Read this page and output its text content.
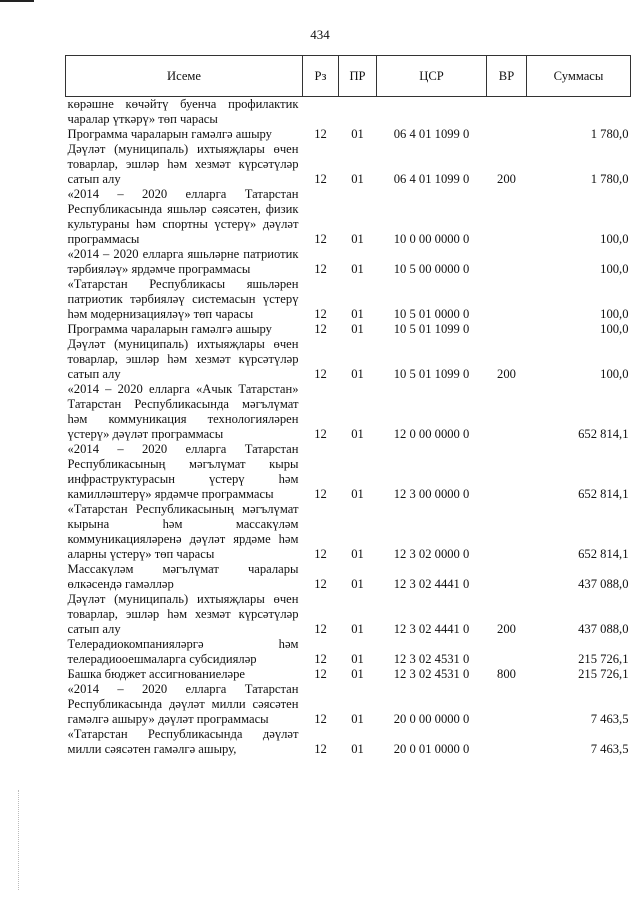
434
Исеме	Рз	ПР	ЦСР	ВР	Суммасы
көрәшне көчәйтү буенча профилактик чаралар үткәрү» төп чарасы					
Программа чараларын гамәлгә ашыру	12	01	06 4 01 1099 0		1 780,0
Дәүләт (муниципаль) ихтыяҗлары өчен товарлар, эшләр һәм хезмәт күрсәтүләр сатып алу	12	01	06 4 01 1099 0	200	1 780,0
«2014 – 2020 елларга Татарстан Республикасында яшьләр сәясәтен, физик культураны һәм спортны үстерү» дәүләт программасы	12	01	10 0 00 0000 0		100,0
«2014 – 2020 елларга яшьләрне патриотик тәрбияләү» ярдәмче программасы	12	01	10 5 00 0000 0		100,0
«Татарстан Республикасы яшьләрен патриотик тәрбияләү системасын үстерү һәм модернизацияләү» төп чарасы	12	01	10 5 01 0000 0		100,0
Программа чараларын гамәлгә ашыру	12	01	10 5 01 1099 0		100,0
Дәүләт (муниципаль) ихтыяҗлары өчен товарлар, эшләр һәм хезмәт күрсәтүләр сатып алу	12	01	10 5 01 1099 0	200	100,0
«2014 – 2020 елларга «Ачык Татарстан» Татарстан Республикасында мәгълүмат һәм коммуникация технологияләрен үстерү» дәүләт программасы	12	01	12 0 00 0000 0		652 814,1
«2014 – 2020 елларга Татарстан Республикасының мәгълүмат кыры инфраструктурасын үстерү һәм камилләштерү» ярдәмче программасы	12	01	12 3 00 0000 0		652 814,1
«Татарстан Республикасының мәгълүмат кырына һәм массакүләм коммуникацияләренә дәүләт ярдәме һәм аларны үстерү» төп чарасы	12	01	12 3 02 0000 0		652 814,1
Массакүләм мәгълүмат чаралары өлкәсендә гамәлләр	12	01	12 3 02 4441 0		437 088,0
Дәүләт (муниципаль) ихтыяҗлары өчен товарлар, эшләр һәм хезмәт күрсәтүләр сатып алу	12	01	12 3 02 4441 0	200	437 088,0
Телерадиокомпанияләргә һәм телерадиооешмаларга субсидияләр	12	01	12 3 02 4531 0		215 726,1
Башка бюджет ассигнованиеләре	12	01	12 3 02 4531 0	800	215 726,1
«2014 – 2020 елларга Татарстан Республикасында дәүләт милли сәясәтен гамәлгә ашыру» дәүләт программасы	12	01	20 0 00 0000 0		7 463,5
«Татарстан Республикасында дәүләт милли сәясәтен гамәлгә ашыру,	12	01	20 0 01 0000 0		7 463,5
